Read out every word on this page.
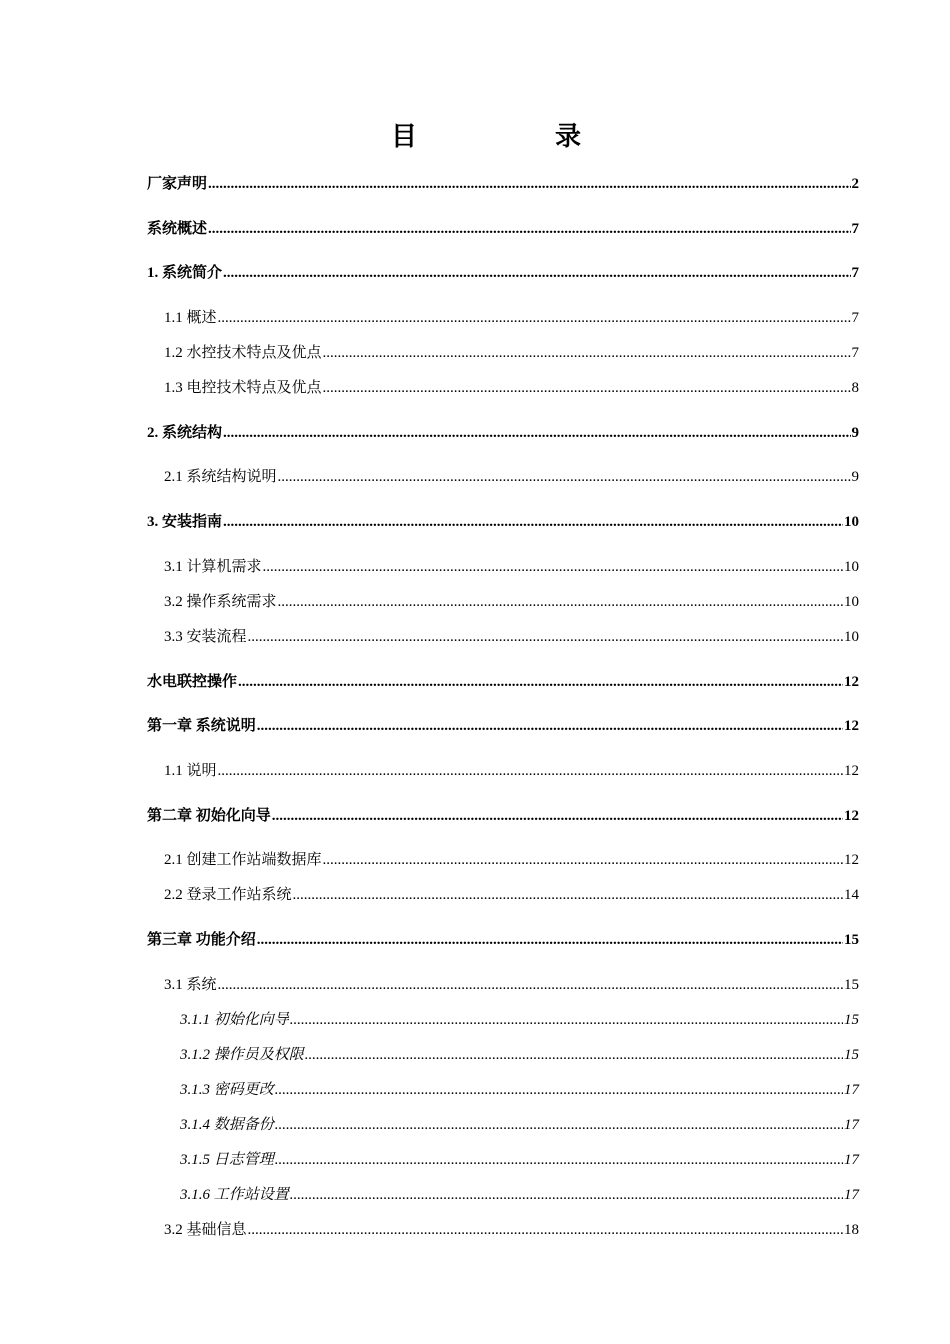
目	录
厂家声明 .....	2
系统概述 .....	7
1. 系统简介 .....	7
1.1 概述 .....	7
1.2 水控技术特点及优点 .....	7
1.3 电控技术特点及优点 .....	8
2. 系统结构 .....	9
2.1 系统结构说明 .....	9
3. 安装指南 .....	10
3.1 计算机需求 .....	10
3.2 操作系统需求 .....	10
3.3 安装流程 .....	10
水电联控操作 .....	12
第一章 系统说明 .....	12
1.1 说明 .....	12
第二章 初始化向导 .....	12
2.1 创建工作站端数据库 .....	12
2.2 登录工作站系统 .....	14
第三章 功能介绍 .....	15
3.1 系统 .....	15
3.1.1 初始化向导 .....	15
3.1.2 操作员及权限 .....	15
3.1.3 密码更改 .....	17
3.1.4 数据备份 .....	17
3.1.5 日志管理 .....	17
3.1.6 工作站设置 .....	17
3.2 基础信息 .....	18
